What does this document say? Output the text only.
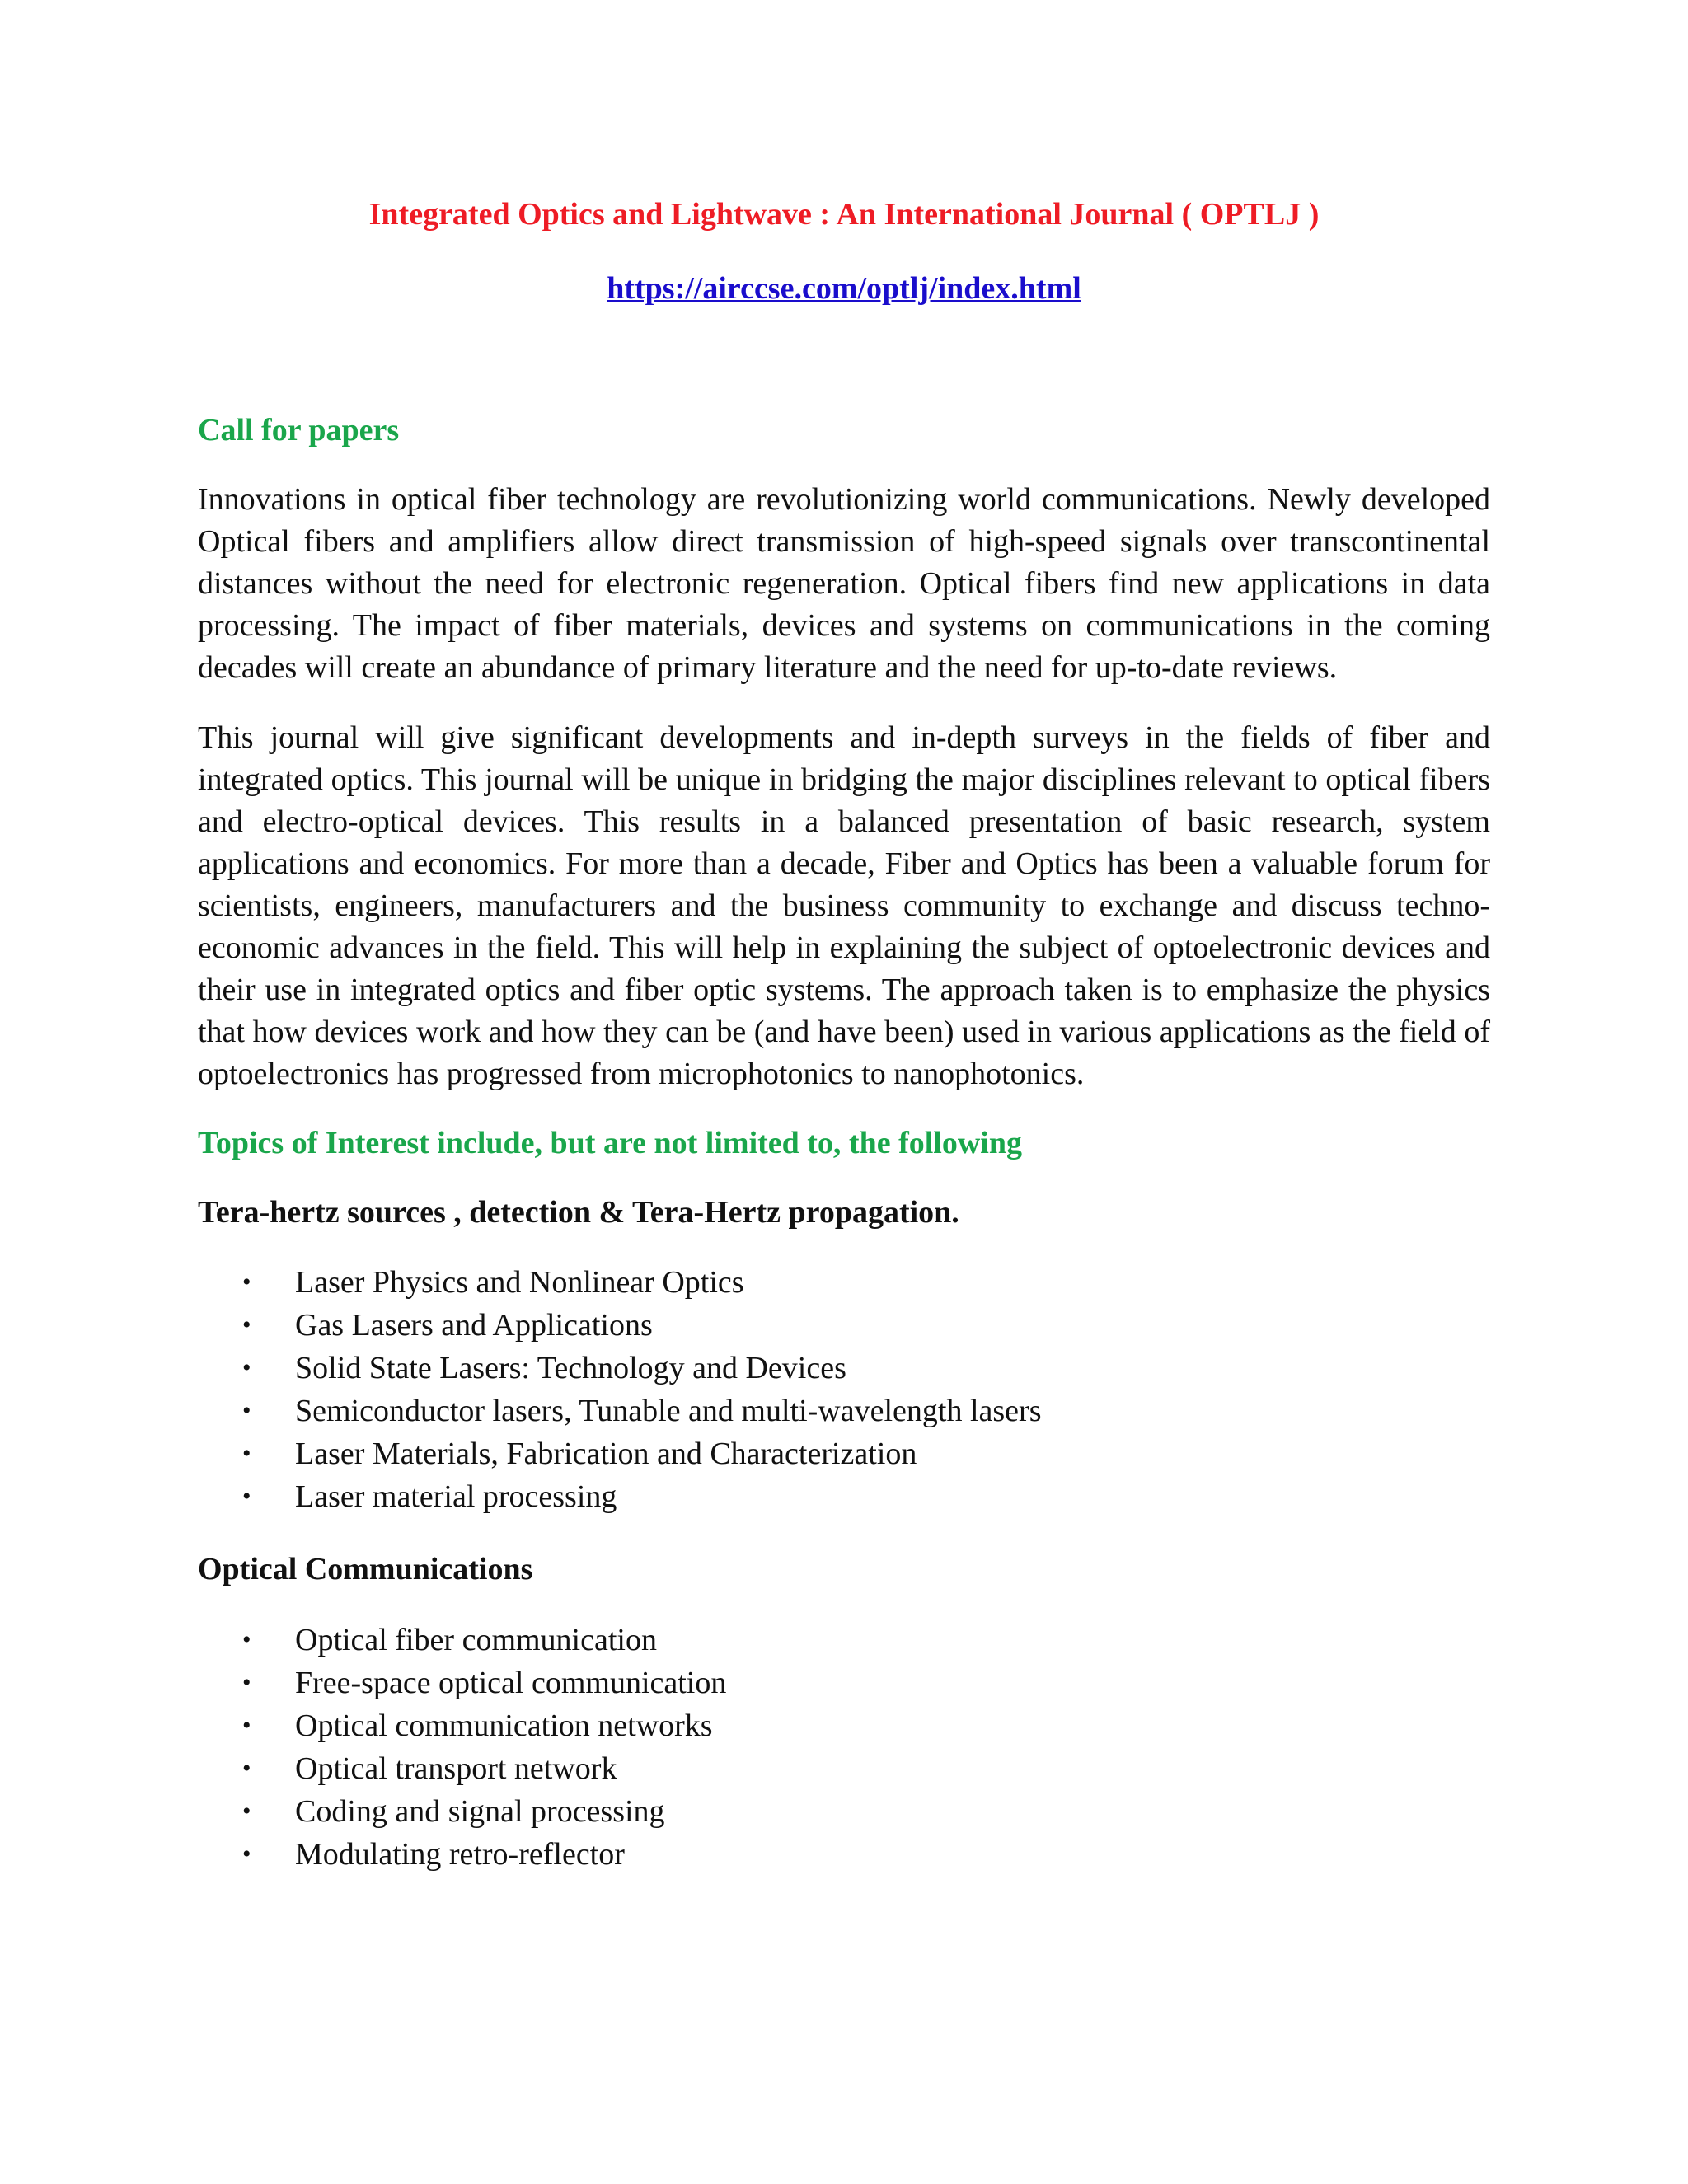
Integrated Optics and Lightwave : An International Journal ( OPTLJ )
https://airccse.com/optlj/index.html
Call for papers

Innovations in optical fiber technology are revolutionizing world communications. Newly developed Optical fibers and amplifiers allow direct transmission of high-speed signals over transcontinental distances without the need for electronic regeneration. Optical fibers find new applications in data processing. The impact of fiber materials, devices and systems on communications in the coming decades will create an abundance of primary literature and the need for up-to-date reviews.

This journal will give significant developments and in-depth surveys in the fields of fiber and integrated optics. This journal will be unique in bridging the major disciplines relevant to optical fibers and electro-optical devices. This results in a balanced presentation of basic research, system applications and economics. For more than a decade, Fiber and Optics has been a valuable forum for scientists, engineers, manufacturers and the business community to exchange and discuss techno-economic advances in the field. This will help in explaining the subject of optoelectronic devices and their use in integrated optics and fiber optic systems. The approach taken is to emphasize the physics that how devices work and how they can be (and have been) used in various applications as the field of optoelectronics has progressed from microphotonics to nanophotonics.

Topics of Interest include, but are not limited to, the following
Tera-hertz sources , detection & Tera-Hertz propagation.
• Laser Physics and Nonlinear Optics
• Gas Lasers and Applications
• Solid State Lasers: Technology and Devices
• Semiconductor lasers, Tunable and multi-wavelength lasers
• Laser Materials, Fabrication and Characterization
• Laser material processing
Optical Communications
• Optical fiber communication
• Free-space optical communication
• Optical communication networks
• Optical transport network
• Coding and signal processing
• Modulating retro-reflector
